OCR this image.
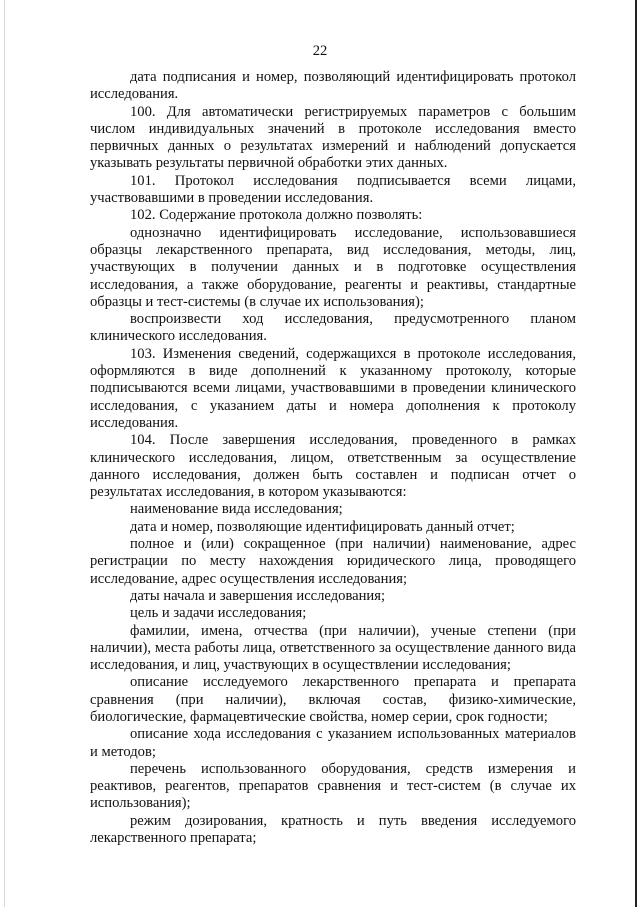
22

дата подписания и номер, позволяющий идентифицировать протокол исследования.

100. Для автоматически регистрируемых параметров с большим числом индивидуальных значений в протоколе исследования вместо первичных данных о результатах измерений и наблюдений допускается указывать результаты первичной обработки этих данных.

101. Протокол исследования подписывается всеми лицами, участвовавшими в проведении исследования.

102. Содержание протокола должно позволять:

однозначно идентифицировать исследование, использовавшиеся образцы лекарственного препарата, вид исследования, методы, лиц, участвующих в получении данных и в подготовке осуществления исследования, а также оборудование, реагенты и реактивы, стандартные образцы и тест-системы (в случае их использования);

воспроизвести ход исследования, предусмотренного планом клинического исследования.

103. Изменения сведений, содержащихся в протоколе исследования, оформляются в виде дополнений к указанному протоколу, которые подписываются всеми лицами, участвовавшими в проведении клинического исследования, с указанием даты и номера дополнения к протоколу исследования.

104. После завершения исследования, проведенного в рамках клинического исследования, лицом, ответственным за осуществление данного исследования, должен быть составлен и подписан отчет о результатах исследования, в котором указываются:

наименование вида исследования;

дата и номер, позволяющие идентифицировать данный отчет;

полное и (или) сокращенное (при наличии) наименование, адрес регистрации по месту нахождения юридического лица, проводящего исследование, адрес осуществления исследования;

даты начала и завершения исследования;

цель и задачи исследования;

фамилии, имена, отчества (при наличии), ученые степени (при наличии), места работы лица, ответственного за осуществление данного вида исследования, и лиц, участвующих в осуществлении исследования;

описание исследуемого лекарственного препарата и препарата сравнения (при наличии), включая состав, физико-химические, биологические, фармацевтические свойства, номер серии, срок годности;

описание хода исследования с указанием использованных материалов и методов;

перечень использованного оборудования, средств измерения и реактивов, реагентов, препаратов сравнения и тест-систем (в случае их использования);

режим дозирования, кратность и путь введения исследуемого лекарственного препарата;
